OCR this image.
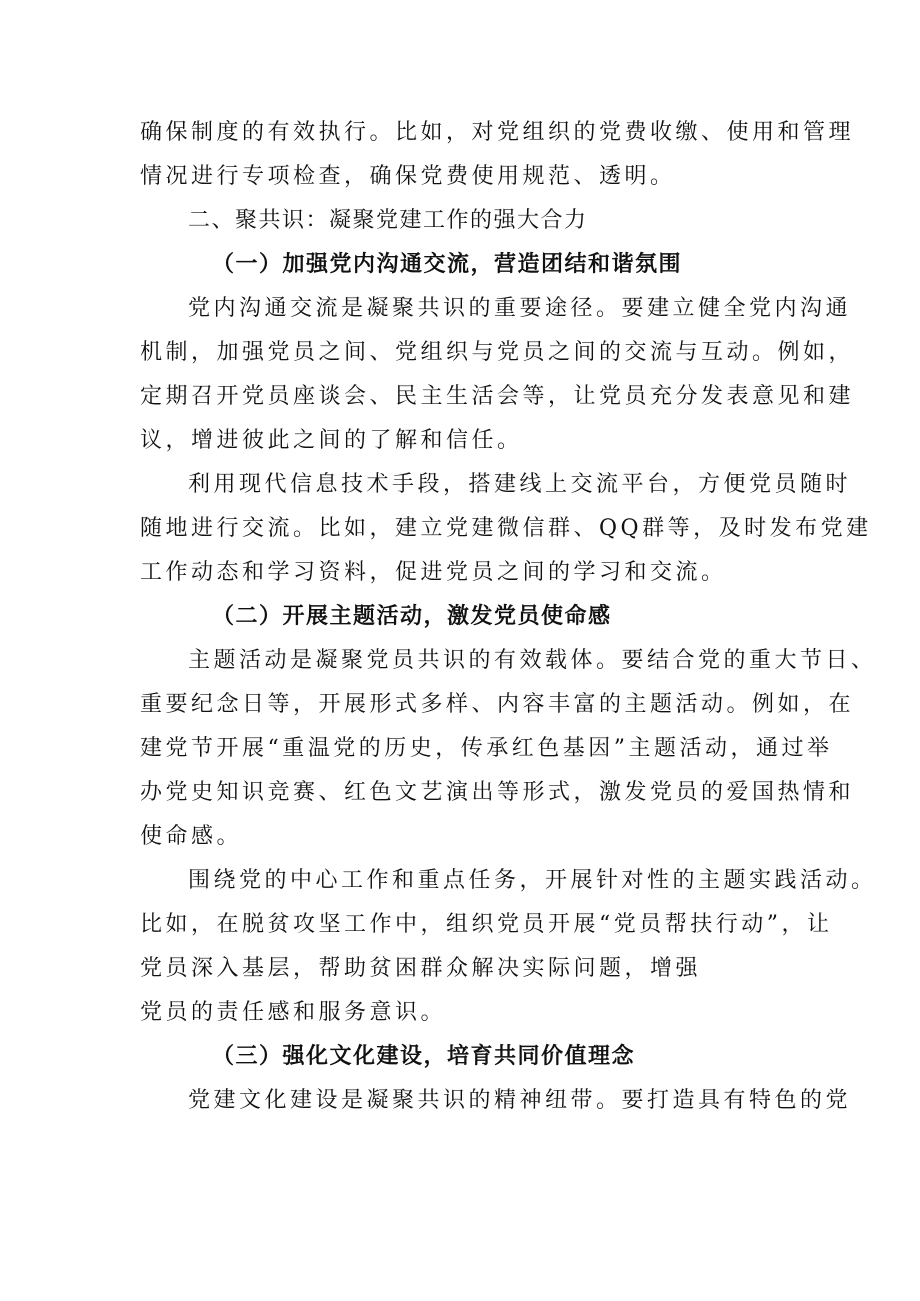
确保制度的有效执行。比如，对党组织的党费收缴、使用和管理
情况进行专项检查，确保党费使用规范、透明。
二、聚共识：凝聚党建工作的强大合力
（一）加强党内沟通交流，营造团结和谐氛围
党内沟通交流是凝聚共识的重要途径。要建立健全党内沟通
机制，加强党员之间、党组织与党员之间的交流与互动。例如，
定期召开党员座谈会、民主生活会等，让党员充分发表意见和建
议，增进彼此之间的了解和信任。
利用现代信息技术手段，搭建线上交流平台，方便党员随时
随地进行交流。比如，建立党建微信群、QQ群等，及时发布党建
工作动态和学习资料，促进党员之间的学习和交流。
（二）开展主题活动，激发党员使命感
主题活动是凝聚党员共识的有效载体。要结合党的重大节日、
重要纪念日等，开展形式多样、内容丰富的主题活动。例如，在
建党节开展“重温党的历史，传承红色基因”主题活动，通过举
办党史知识竞赛、红色文艺演出等形式，激发党员的爱国热情和
使命感。
围绕党的中心工作和重点任务，开展针对性的主题实践活动。
比如，在脱贫攻坚工作中，组织党员开展“党员帮扶行动”，让
党员深入基层，帮助贫困群众解决实际问题，增强
党员的责任感和服务意识。
（三）强化文化建设，培育共同价值理念
党建文化建设是凝聚共识的精神纽带。要打造具有特色的党
